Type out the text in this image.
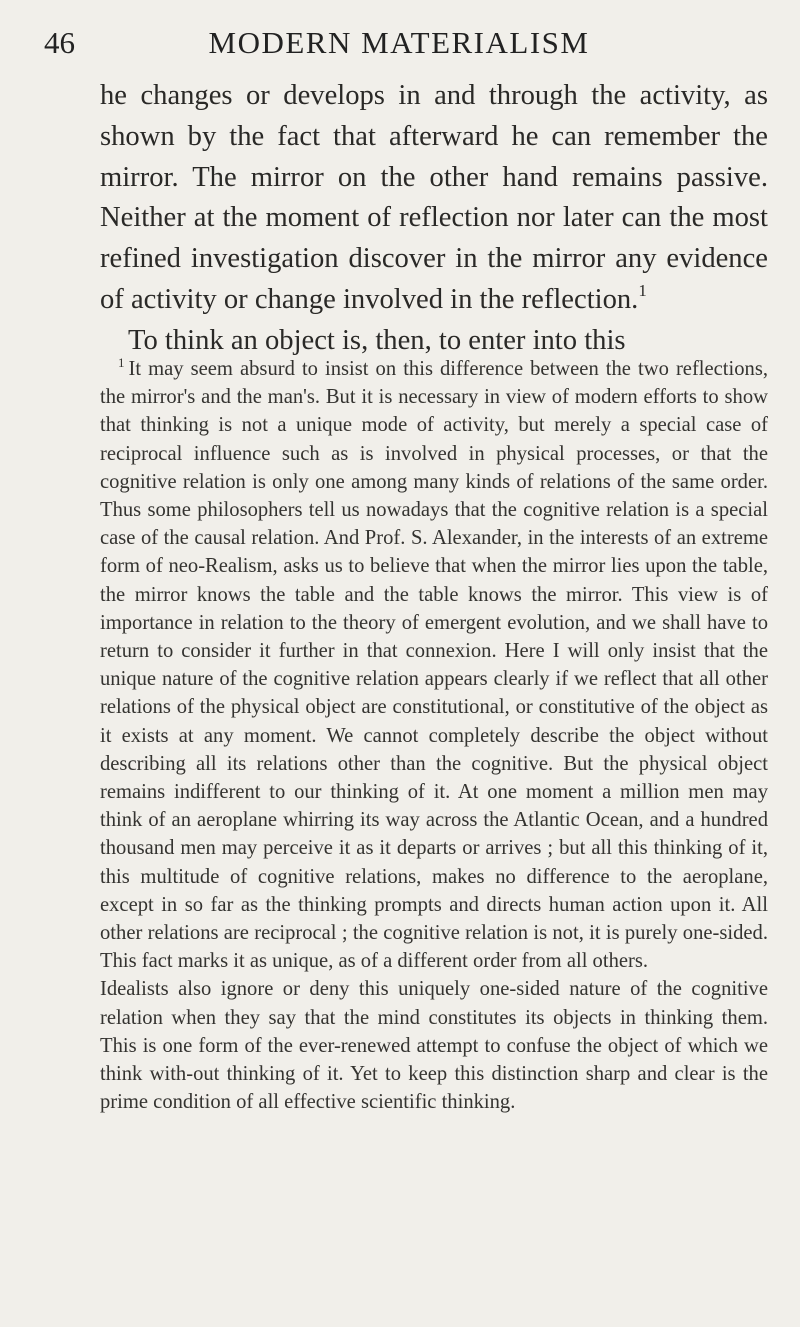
46	MODERN MATERIALISM

he changes or develops in and through the activity, as shown by the fact that afterward he can remember the mirror. The mirror on the other hand remains passive. Neither at the moment of reflection nor later can the most refined investigation discover in the mirror any evidence of activity or change involved in the reflection.$^1$

To think an object is, then, to enter into this

$^1$ It may seem absurd to insist on this difference between the two reflections, the mirror's and the man's. But it is necessary in view of modern efforts to show that thinking is not a unique mode of activity, but merely a special case of reciprocal influence such as is involved in physical processes, or that the cognitive relation is only one among many kinds of relations of the same order. Thus some philosophers tell us nowadays that the cognitive relation is a special case of the causal relation. And Prof. S. Alexander, in the interests of an extreme form of neo-Realism, asks us to believe that when the mirror lies upon the table, the mirror knows the table and the table knows the mirror. This view is of importance in relation to the theory of emergent evolution, and we shall have to return to consider it further in that connexion. Here I will only insist that the unique nature of the cognitive relation appears clearly if we reflect that all other relations of the physical object are constitutional, or constitutive of the object as it exists at any moment. We cannot completely describe the object without describing all its relations other than the cognitive. But the physical object remains indifferent to our thinking of it. At one moment a million men may think of an aeroplane whirring its way across the Atlantic Ocean, and a hundred thousand men may perceive it as it departs or arrives ; but all this thinking of it, this multitude of cognitive relations, makes no difference to the aeroplane, except in so far as the thinking prompts and directs human action upon it. All other relations are reciprocal ; the cognitive relation is not, it is purely one-sided. This fact marks it as unique, as of a different order from all others.

Idealists also ignore or deny this uniquely one-sided nature of the cognitive relation when they say that the mind constitutes its objects in thinking them. This is one form of the ever-renewed attempt to confuse the object of which we think with-out thinking of it. Yet to keep this distinction sharp and clear is the prime condition of all effective scientific thinking.
